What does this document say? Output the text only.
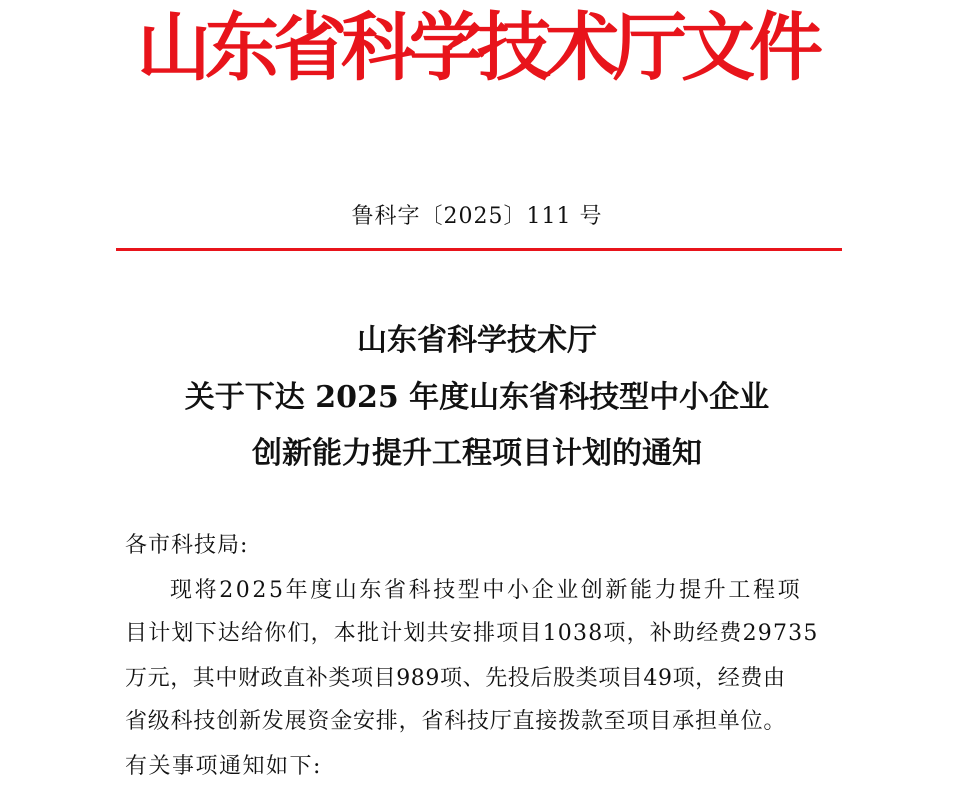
山东省科学技术厅文件
鲁科字〔2025〕111 号
山东省科学技术厅
关于下达 2025 年度山东省科技型中小企业
创新能力提升工程项目计划的通知
各市科技局:
现将2025年度山东省科技型中小企业创新能力提升工程项
目计划下达给你们，本批计划共安排项目1038项，补助经费29735
万元，其中财政直补类项目989项、先投后股类项目49项，经费由
省级科技创新发展资金安排，省科技厅直接拨款至项目承担单位。
有关事项通知如下:
